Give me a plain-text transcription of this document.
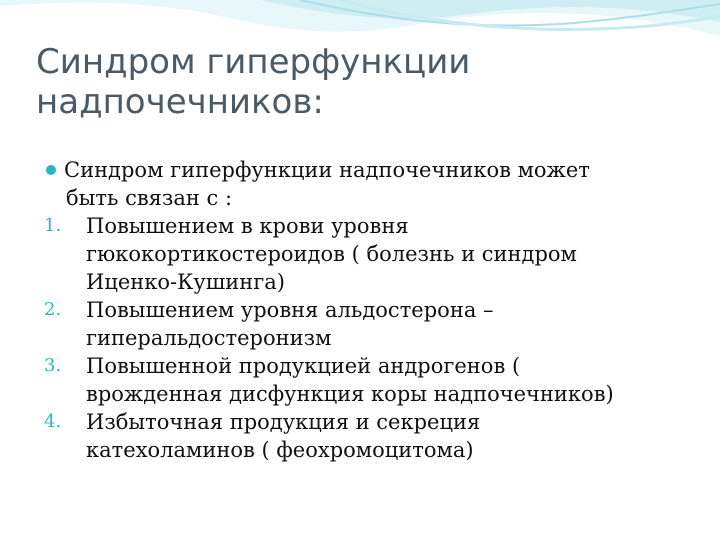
Синдром гиперфункции
надпочечников:
Синдром гиперфункции надпочечников может
быть связан с :
1. Повышением в крови уровня
гюкокортикостероидов ( болезнь и синдром
Иценко-Кушинга)
2. Повышением уровня альдостерона –
гиперальдостеронизм
3. Повышенной продукцией андрогенов (
врожденная дисфункция коры надпочечников)
4. Избыточная продукция и секреция
катехоламинов ( феохромоцитома)
